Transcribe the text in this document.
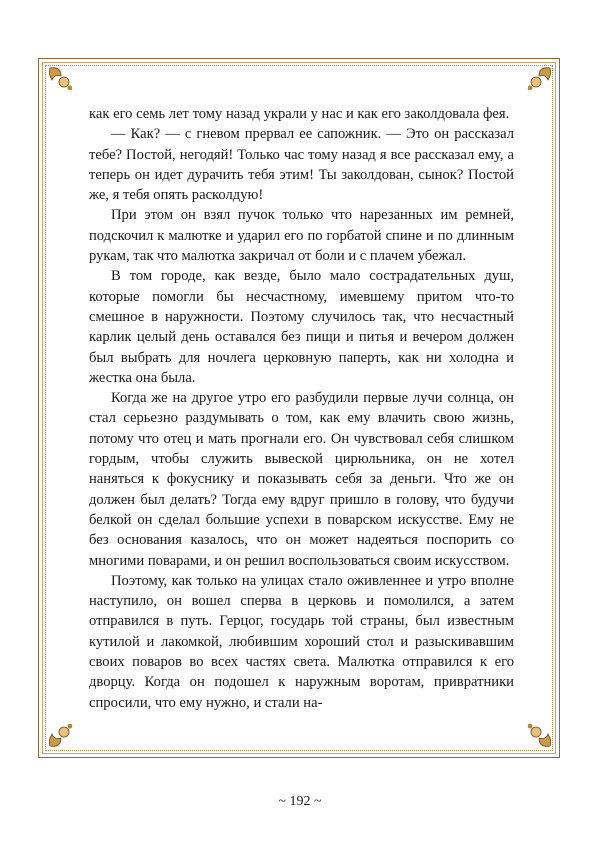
как его семь лет тому назад украли у нас и как его заколдовала фея.

— Как? — с гневом прервал ее сапожник. — Это он рассказал тебе? Постой, негодяй! Только час тому назад я все рассказал ему, а теперь он идет дурачить тебя этим! Ты заколдован, сынок? Постой же, я тебя опять расколдую!

При этом он взял пучок только что нарезанных им ремней, подскочил к малютке и ударил его по горбатой спине и по длинным рукам, так что малютка закричал от боли и с плачем убежал.

В том городе, как везде, было мало сострадательных душ, которые помогли бы несчастному, имевшему притом что-то смешное в наружности. Поэтому случилось так, что несчастный карлик целый день оставался без пищи и питья и вечером должен был выбрать для ночлега церковную паперть, как ни холодна и жестка она была.

Когда же на другое утро его разбудили первые лучи солнца, он стал серьезно раздумывать о том, как ему влачить свою жизнь, потому что отец и мать прогнали его. Он чувствовал себя слишком гордым, чтобы служить вывеской цирюльника, он не хотел наняться к фокуснику и показывать себя за деньги. Что же он должен был делать? Тогда ему вдруг пришло в голову, что будучи белкой он сделал большие успехи в поварском искусстве. Ему не без основания казалось, что он может надеяться поспорить со многими поварами, и он решил воспользоваться своим искусством.

Поэтому, как только на улицах стало оживленнее и утро вполне наступило, он вошел сперва в церковь и помолился, а затем отправился в путь. Герцог, государь той страны, был известным кутилой и лакомкой, любившим хороший стол и разыскивавшим своих поваров во всех частях света. Малютка отправился к его дворцу. Когда он подошел к наружным воротам, привратники спросили, что ему нужно, и стали на-

~ 192 ~
